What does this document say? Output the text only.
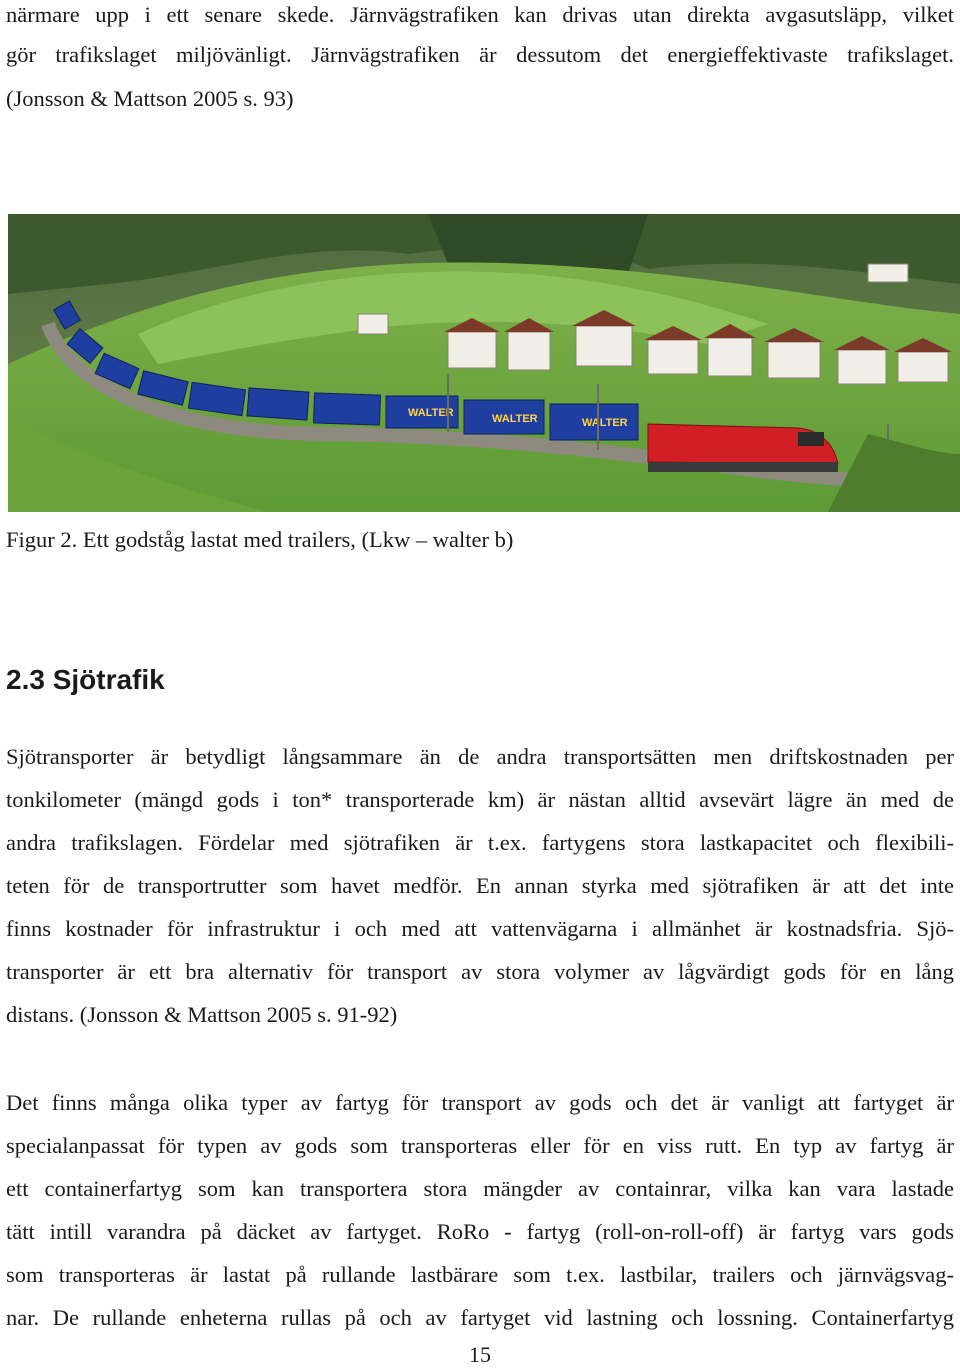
närmare upp i ett senare skede. Järnvägstrafiken kan drivas utan direkta avgasutsläpp, vilket
gör trafikslaget miljövänligt. Järnvägstrafiken är dessutom det energieffektivaste trafikslaget.
(Jonsson & Mattson 2005 s. 93)
WALTER	WALTER	WALTER
Figur 2. Ett godståg lastat med trailers, (Lkw – walter b)
2.3 Sjötrafik
Sjötransporter är betydligt långsammare än de andra transportsätten men driftskostnaden per
tonkilometer (mängd gods i ton* transporterade km) är nästan alltid avsevärt lägre än med de
andra trafikslagen. Fördelar med sjötrafiken är t.ex. fartygens stora lastkapacitet och flexibili-
teten för de transportrutter som havet medför. En annan styrka med sjötrafiken är att det inte
finns kostnader för infrastruktur i och med att vattenvägarna i allmänhet är kostnadsfria. Sjö-
transporter är ett bra alternativ för transport av stora volymer av lågvärdigt gods för en lång
distans. (Jonsson & Mattson 2005 s. 91-92)
Det finns många olika typer av fartyg för transport av gods och det är vanligt att fartyget är
specialanpassat för typen av gods som transporteras eller för en viss rutt. En typ av fartyg är
ett containerfartyg som kan transportera stora mängder av containrar, vilka kan vara lastade
tätt intill varandra på däcket av fartyget. RoRo - fartyg (roll-on-roll-off) är fartyg vars gods
som transporteras är lastat på rullande lastbärare som t.ex. lastbilar, trailers och järnvägsvag-
nar. De rullande enheterna rullas på och av fartyget vid lastning och lossning. Containerfartyg
15
